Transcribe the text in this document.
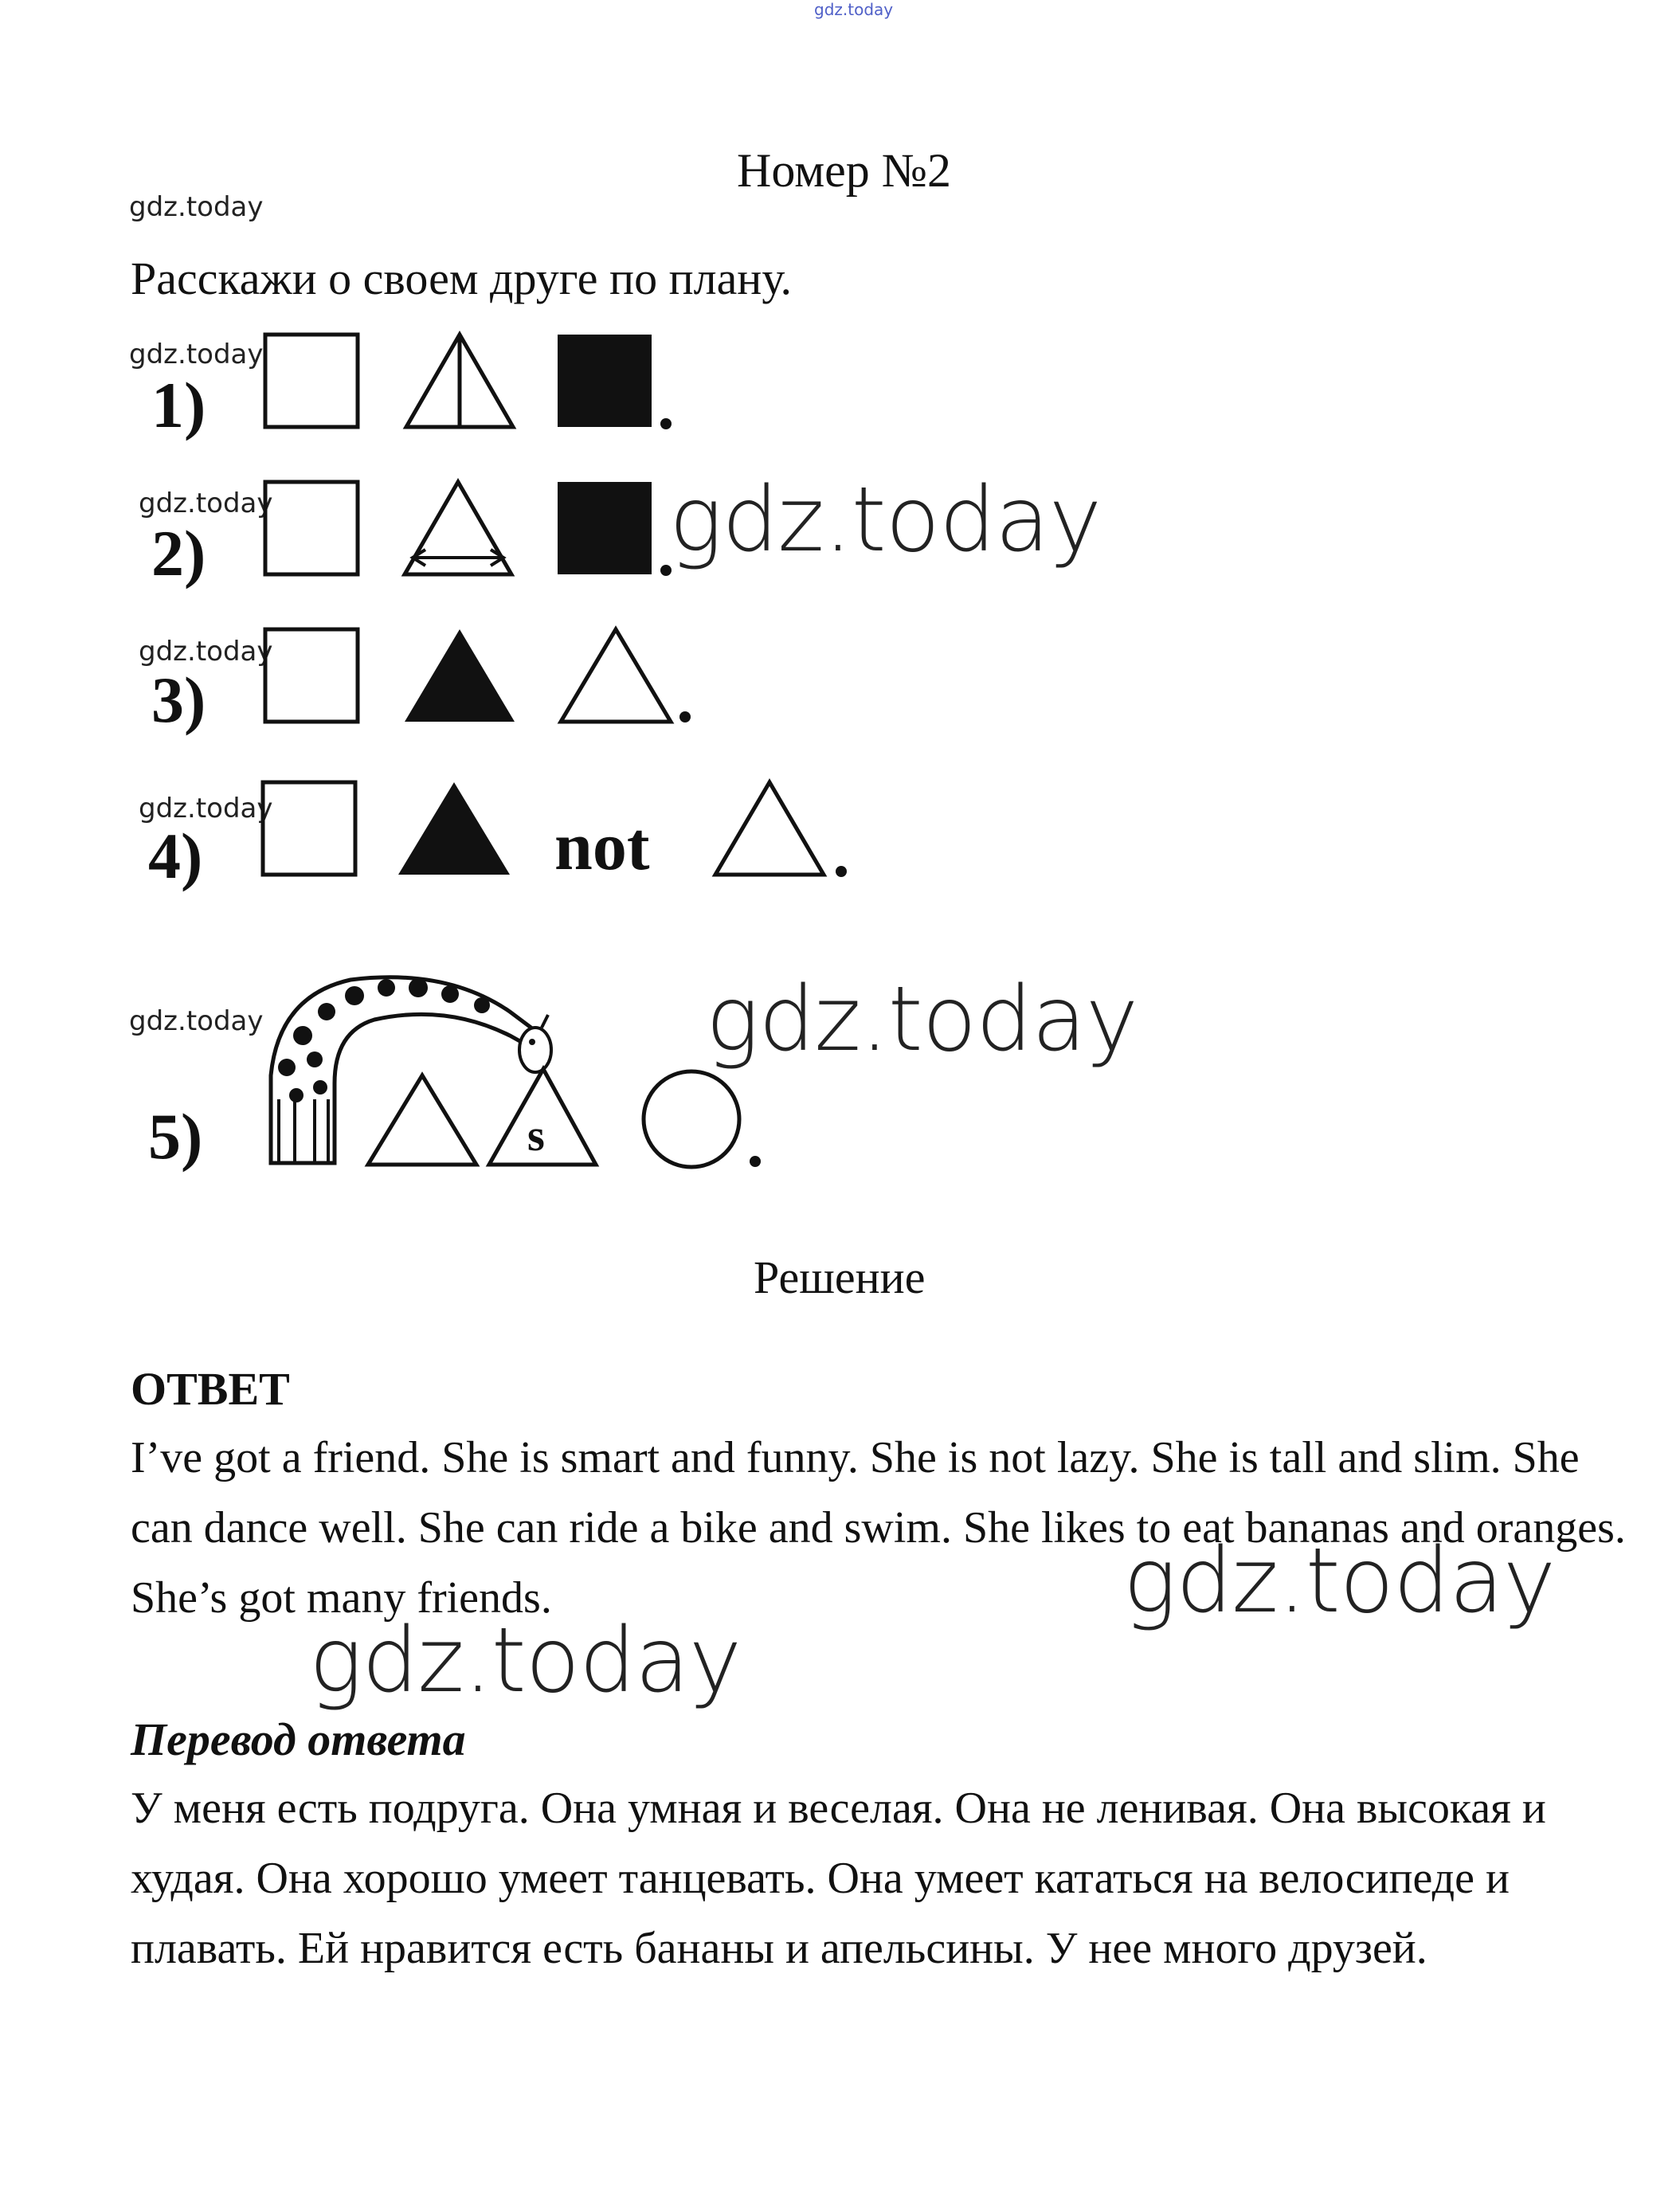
gdz.today
Номер №2
gdz.today
Расскажи о своем друге по плану.
gdz.today
1)
gdz.today
2)	gdz.today
gdz.today
3)
gdz.today
4)	not
gdz.today	gdz.today
5)	s
Решение
ОТВЕТ
I’ve got a friend. She is smart and funny. She is not lazy. She is tall and slim. She can dance well. She can ride a bike and swim. She likes to eat bananas and oranges. She’s got many friends.	gdz.today
gdz.today
Перевод ответа
У меня есть подруга. Она умная и веселая. Она не ленивая. Она высокая и худая. Она хорошо умеет танцевать. Она умеет кататься на велосипеде и плавать. Ей нравится есть бананы и апельсины. У нее много друзей.
